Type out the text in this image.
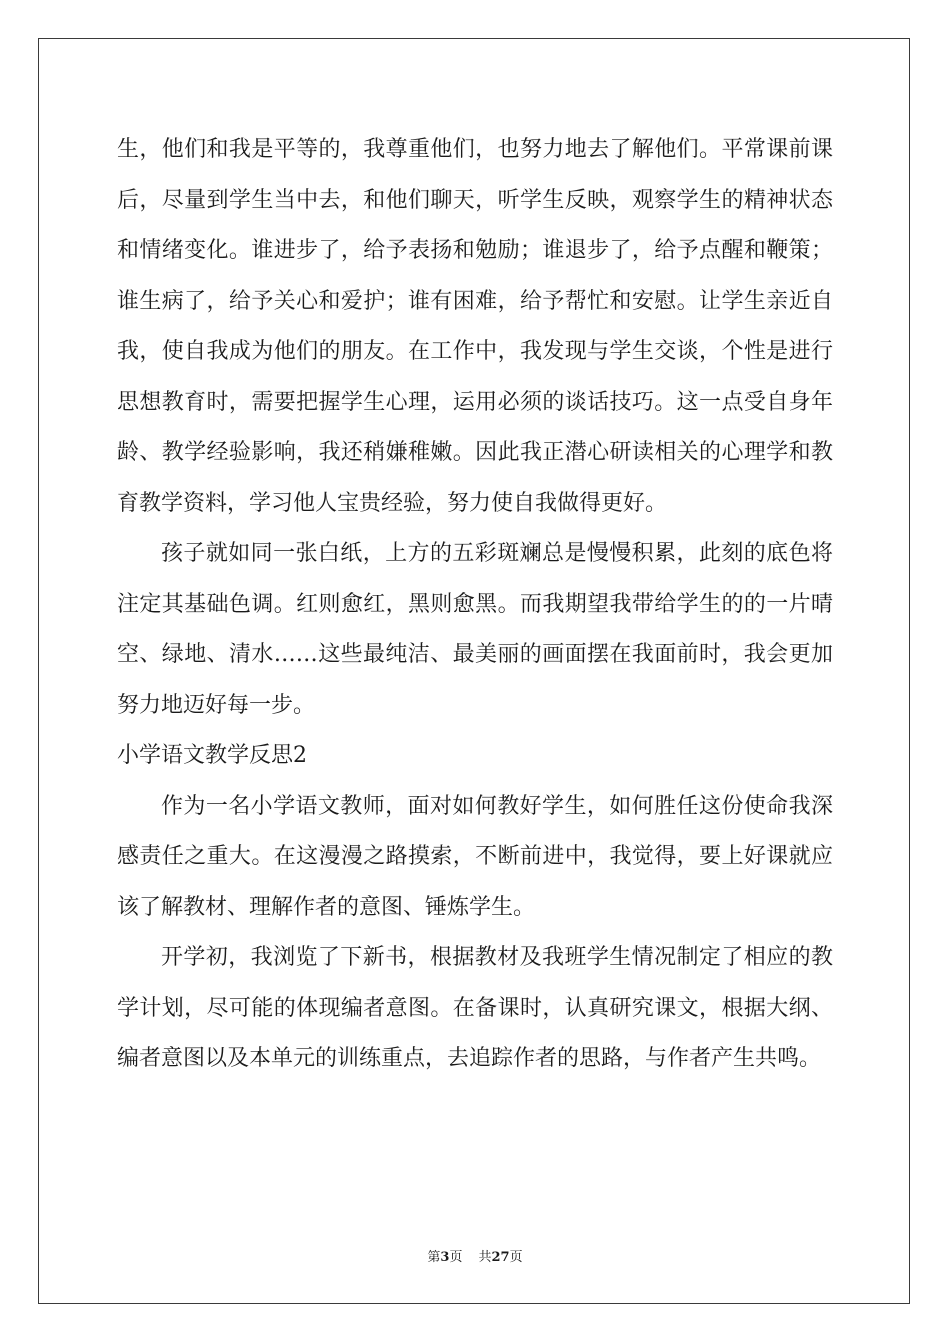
生，他们和我是平等的，我尊重他们，也努力地去了解他们。平常课前课后，尽量到学生当中去，和他们聊天，听学生反映，观察学生的精神状态和情绪变化。谁进步了，给予表扬和勉励；谁退步了，给予点醒和鞭策；谁生病了，给予关心和爱护；谁有困难，给予帮忙和安慰。让学生亲近自我，使自我成为他们的朋友。在工作中，我发现与学生交谈，个性是进行思想教育时，需要把握学生心理，运用必须的谈话技巧。这一点受自身年龄、教学经验影响，我还稍嫌稚嫩。因此我正潜心研读相关的心理学和教育教学资料，学习他人宝贵经验，努力使自我做得更好。

孩子就如同一张白纸，上方的五彩斑斓总是慢慢积累，此刻的底色将注定其基础色调。红则愈红，黑则愈黑。而我期望我带给学生的的一片晴空、绿地、清水……这些最纯洁、最美丽的画面摆在我面前时，我会更加努力地迈好每一步。

小学语文教学反思2

作为一名小学语文教师，面对如何教好学生，如何胜任这份使命我深感责任之重大。在这漫漫之路摸索，不断前进中，我觉得，要上好课就应该了解教材、理解作者的意图、锤炼学生。

开学初，我浏览了下新书，根据教材及我班学生情况制定了相应的教学计划，尽可能的体现编者意图。在备课时，认真研究课文，根据大纲、编者意图以及本单元的训练重点，去追踪作者的思路，与作者产生共鸣。

第3页 共27页
